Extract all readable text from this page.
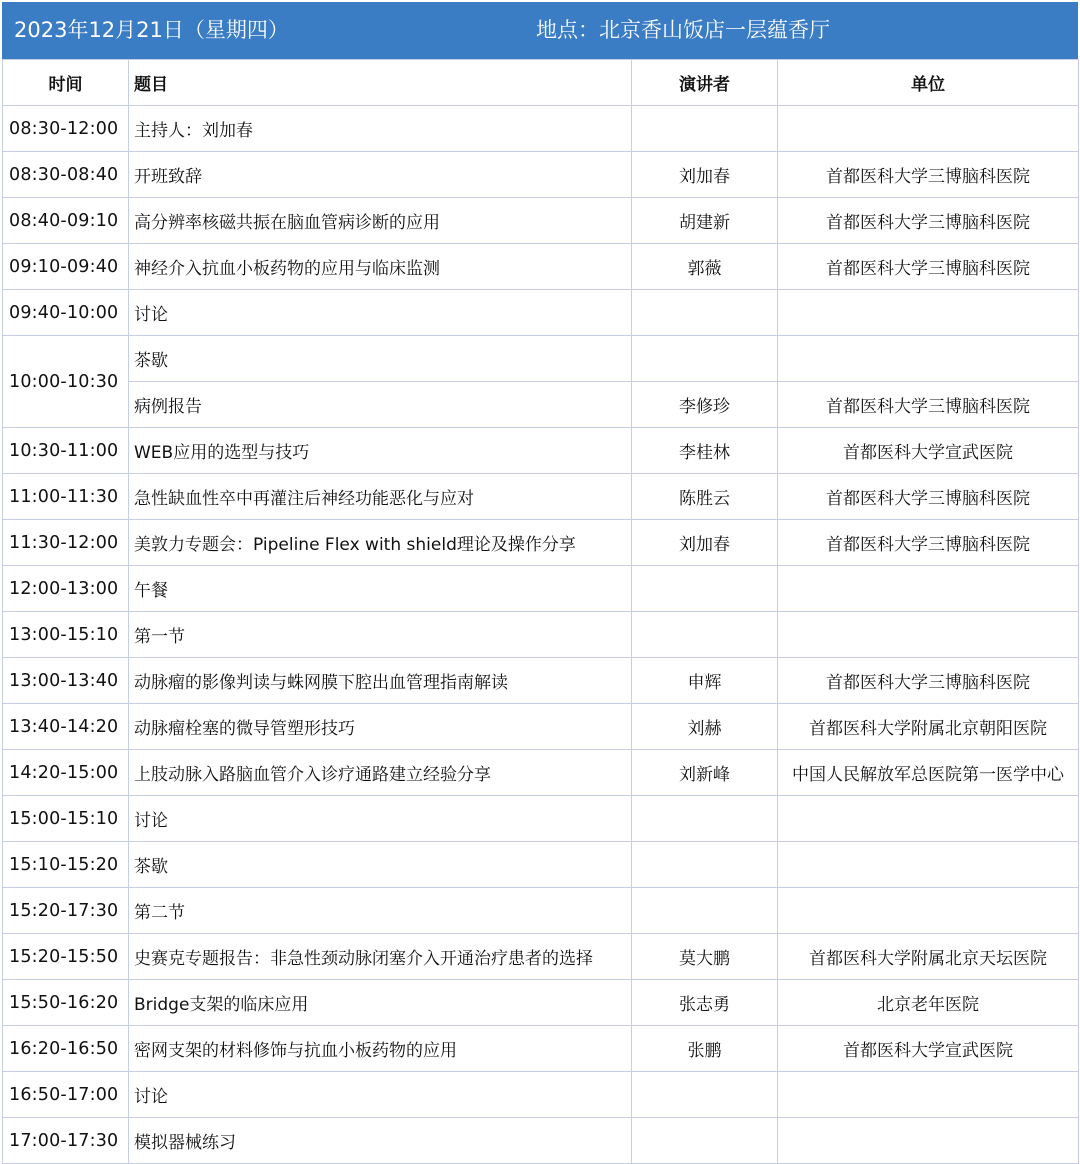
2023年12月21日（星期四）	地点：北京香山饭店一层蕴香厅
时间	题目	演讲者	单位
08:30-12:00	主持人：刘加春		
08:30-08:40	开班致辞	刘加春	首都医科大学三博脑科医院
08:40-09:10	高分辨率核磁共振在脑血管病诊断的应用	胡建新	首都医科大学三博脑科医院
09:10-09:40	神经介入抗血小板药物的应用与临床监测	郭薇	首都医科大学三博脑科医院
09:40-10:00	讨论		
10:00-10:30	茶歇		
	病例报告	李修珍	首都医科大学三博脑科医院
10:30-11:00	WEB应用的选型与技巧	李桂林	首都医科大学宣武医院
11:00-11:30	急性缺血性卒中再灌注后神经功能恶化与应对	陈胜云	首都医科大学三博脑科医院
11:30-12:00	美敦力专题会：Pipeline Flex with shield理论及操作分享	刘加春	首都医科大学三博脑科医院
12:00-13:00	午餐		
13:00-15:10	第一节		
13:00-13:40	动脉瘤的影像判读与蛛网膜下腔出血管理指南解读	申辉	首都医科大学三博脑科医院
13:40-14:20	动脉瘤栓塞的微导管塑形技巧	刘赫	首都医科大学附属北京朝阳医院
14:20-15:00	上肢动脉入路脑血管介入诊疗通路建立经验分享	刘新峰	中国人民解放军总医院第一医学中心
15:00-15:10	讨论		
15:10-15:20	茶歇		
15:20-17:30	第二节		
15:20-15:50	史赛克专题报告：非急性颈动脉闭塞介入开通治疗患者的选择	莫大鹏	首都医科大学附属北京天坛医院
15:50-16:20	Bridge支架的临床应用	张志勇	北京老年医院
16:20-16:50	密网支架的材料修饰与抗血小板药物的应用	张鹏	首都医科大学宣武医院
16:50-17:00	讨论		
17:00-17:30	模拟器械练习		
